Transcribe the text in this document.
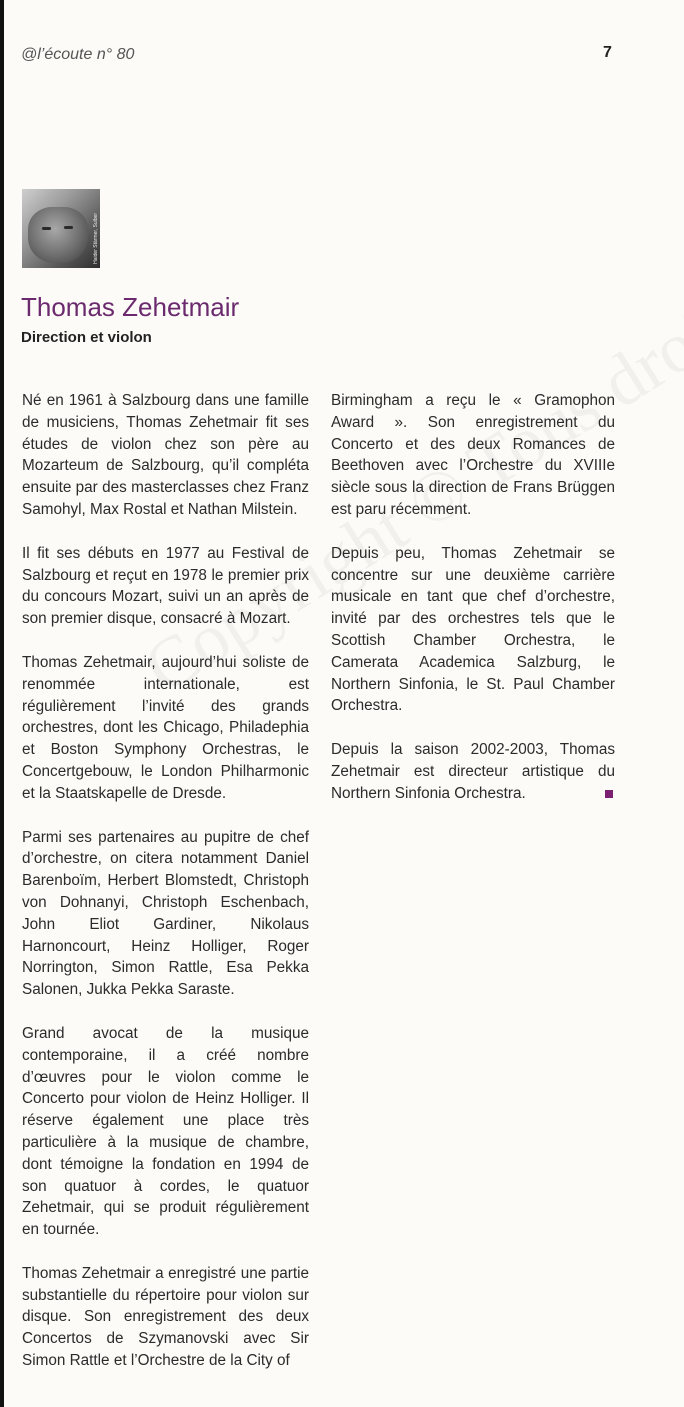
@l’écoute n° 80	7
Haider Stärmer, Sulber
Thomas Zehetmair
Direction et violon

Né en 1961 à Salzbourg dans une famille de musiciens, Thomas Zehetmair fit ses études de violon chez son père au Mozarteum de Salzbourg, qu’il compléta ensuite par des masterclasses chez Franz Samohyl, Max Rostal et Nathan Milstein.

Il fit ses débuts en 1977 au Festival de Salzbourg et reçut en 1978 le premier prix du concours Mozart, suivi un an après de son premier disque, consacré à Mozart.

Thomas Zehetmair, aujourd’hui soliste de renommée internationale, est régulièrement l’invité des grands orchestres, dont les Chicago, Philadephia et Boston Symphony Orchestras, le Concertgebouw, le London Philharmonic et la Staatskapelle de Dresde.

Parmi ses partenaires au pupitre de chef d’orchestre, on citera notamment Daniel Barenboïm, Herbert Blomstedt, Christoph von Dohnanyi, Christoph Eschenbach, John Eliot Gardiner, Nikolaus Harnoncourt, Heinz Holliger, Roger Norrington, Simon Rattle, Esa Pekka Salonen, Jukka Pekka Saraste.

Grand avocat de la musique contemporaine, il a créé nombre d’œuvres pour le violon comme le Concerto pour violon de Heinz Holliger. Il réserve également une place très particulière à la musique de chambre, dont témoigne la fondation en 1994 de son quatuor à cordes, le quatuor Zehetmair, qui se produit régulièrement en tournée.

Thomas Zehetmair a enregistré une partie substantielle du répertoire pour violon sur disque. Son enregistrement des deux Concertos de Szymanovski avec Sir Simon Rattle et l’Orchestre de la City of

Birmingham a reçu le « Gramophon Award ». Son enregistrement du Concerto et des deux Romances de Beethoven avec l’Orchestre du XVIIIe siècle sous la direction de Frans Brüggen est paru récemment.

Depuis peu, Thomas Zehetmair se concentre sur une deuxième carrière musicale en tant que chef d’orchestre, invité par des orchestres tels que le Scottish Chamber Orchestra, le Camerata Academica Salzburg, le Northern Sinfonia, le St. Paul Chamber Orchestra.

Depuis la saison 2002-2003, Thomas Zehetmair est directeur artistique du Northern Sinfonia Orchestra.
